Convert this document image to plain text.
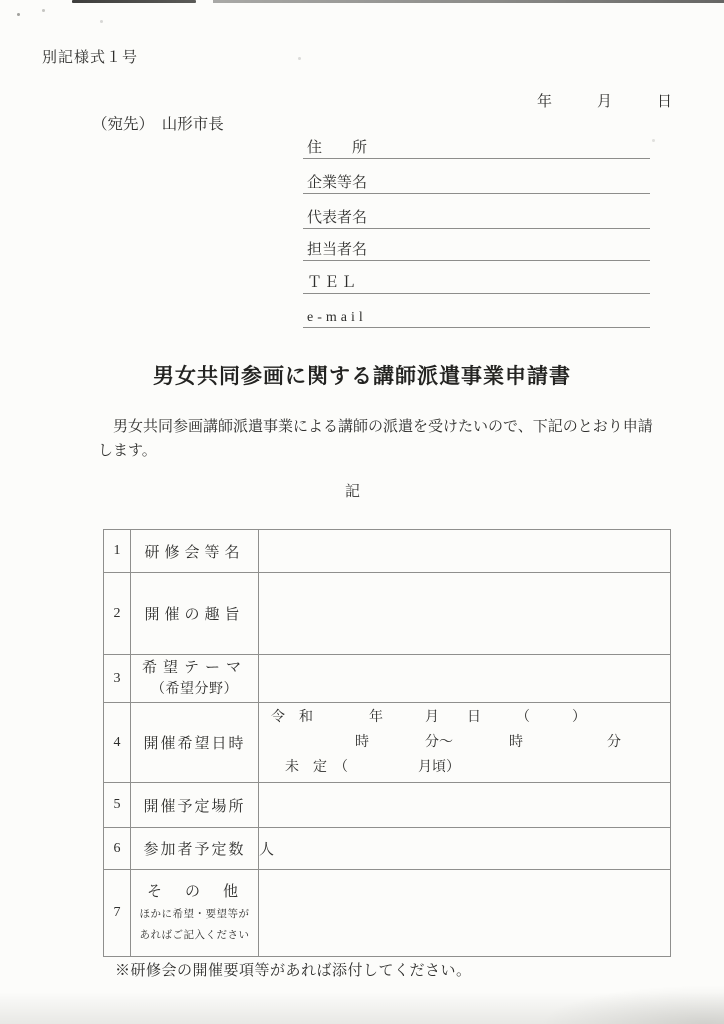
別記様式１号
年　　　月　　　日
（宛先）　山形市長
住　　所
企業等名
代表者名
担当者名
ＴＥＬ
e-mail
男女共同参画に関する講師派遣事業申請書
男女共同参画講師派遣事業による講師の派遣を受けたいので、下記のとおり申請
します。
記
1	研修会等名	
2	開催の趣旨	
3	希望テーマ
（希望分野）	

4	開催希望日時	令　和　　　　年　　　月　　日　　　（　　　）
　　　　　　時　　　　分～　　　　時　　　　　　分
　未　定　（　　　　　月頃）

5	開催予定場所	
6	参加者予定数	人
7	そ　の　他
ほかに希望・要望等が
あればご記入ください	

※研修会の開催要項等があれば添付してください。
